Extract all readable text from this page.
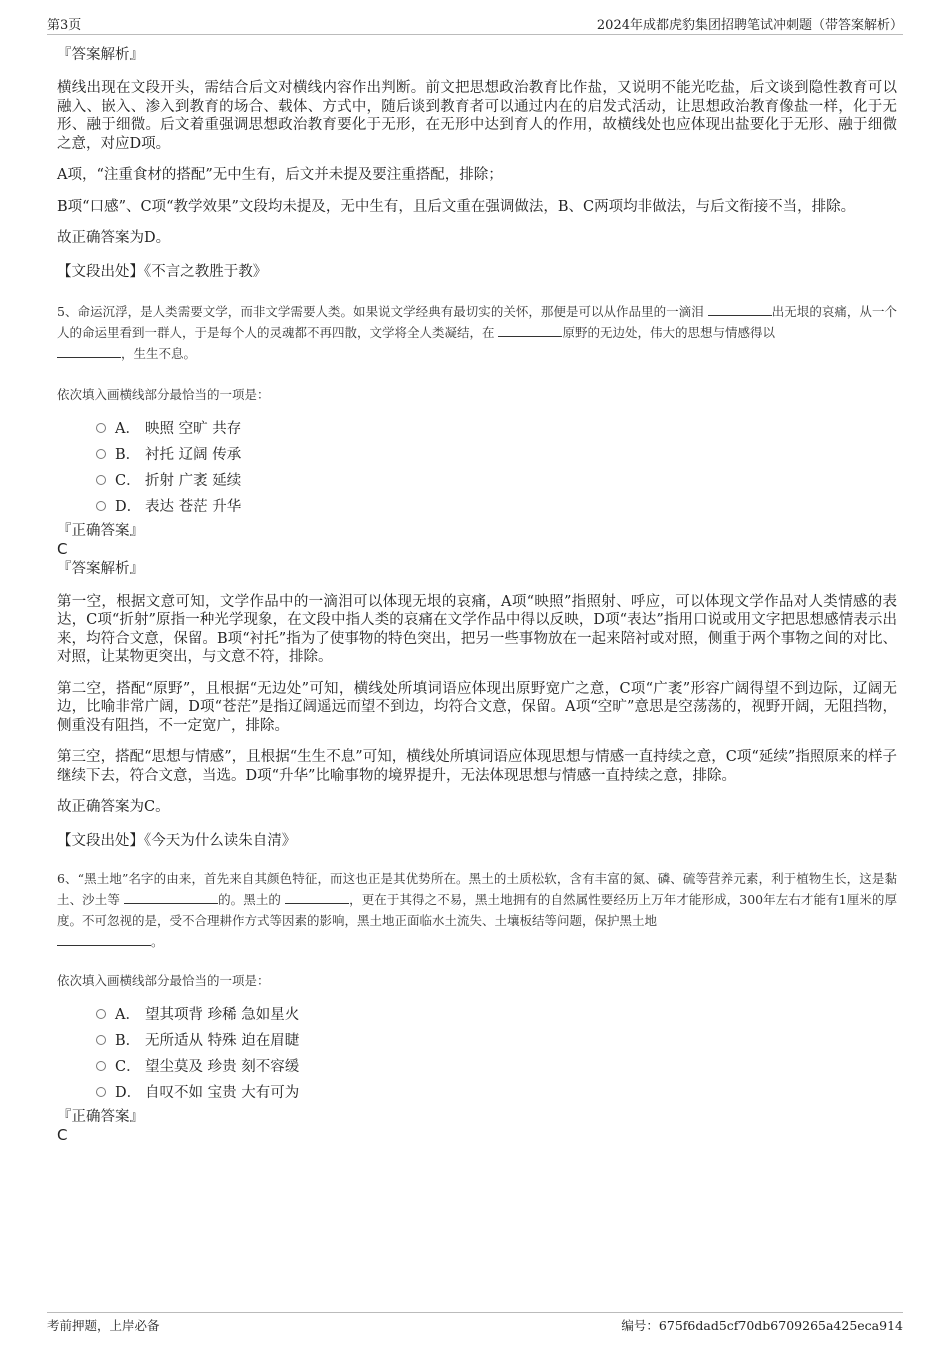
第3页	2024年成都虎豹集团招聘笔试冲刺题（带答案解析）

『答案解析』

横线出现在文段开头，需结合后文对横线内容作出判断。前文把思想政治教育比作盐，又说明不能光吃盐，后文谈到隐性教育可以融入、嵌入、渗入到教育的场合、载体、方式中，随后谈到教育者可以通过内在的启发式活动，让思想政治教育像盐一样，化于无形、融于细微。后文着重强调思想政治教育要化于无形，在无形中达到育人的作用，故横线处也应体现出盐要化于无形、融于细微之意，对应D项。

A项，“注重食材的搭配”无中生有，后文并未提及要注重搭配，排除；

B项“口感”、C项“教学效果”文段均未提及，无中生有，且后文重在强调做法，B、C两项均非做法，与后文衔接不当，排除。

故正确答案为D。

【文段出处】《不言之教胜于教》

5、命运沉浮，是人类需要文学，而非文学需要人类。如果说文学经典有最切实的关怀，那便是可以从作品里的一滴泪	出无垠的哀痛，从一个人的命运里看到一群人，于是每个人的灵魂都不再四散，文学将全人类凝结，在	原野的无边处，伟大的思想与情感得以
，生生不息。

依次填入画横线部分最恰当的一项是：

A． 映照 空旷 共存
B． 衬托 辽阔 传承
C． 折射 广袤 延续
D． 表达 苍茫 升华

『正确答案』

C

『答案解析』

第一空，根据文意可知，文学作品中的一滴泪可以体现无垠的哀痛，A项“映照”指照射、呼应，可以体现文学作品对人类情感的表达，C项“折射”原指一种光学现象，在文段中指人类的哀痛在文学作品中得以反映，D项“表达”指用口说或用文字把思想感情表示出来，均符合文意，保留。B项“衬托”指为了使事物的特色突出，把另一些事物放在一起来陪衬或对照，侧重于两个事物之间的对比、对照，让某物更突出，与文意不符，排除。

第二空，搭配“原野”，且根据“无边处”可知，横线处所填词语应体现出原野宽广之意，C项“广袤”形容广阔得望不到边际，辽阔无边，比喻非常广阔，D项“苍茫”是指辽阔遥远而望不到边，均符合文意，保留。A项“空旷”意思是空荡荡的，视野开阔，无阻挡物，侧重没有阻挡，不一定宽广，排除。

第三空，搭配“思想与情感”，且根据“生生不息”可知，横线处所填词语应体现思想与情感一直持续之意，C项“延续”指照原来的样子继续下去，符合文意，当选。D项“升华”比喻事物的境界提升，无法体现思想与情感一直持续之意，排除。

故正确答案为C。

【文段出处】《今天为什么读朱自清》

6、“黑土地”名字的由来，首先来自其颜色特征，而这也正是其优势所在。黑土的土质松软，含有丰富的氮、磷、硫等营养元素，利于植物生长，这是黏土、沙土等	的。黑土的	，更在于其得之不易，黑土地拥有的自然属性要经历上万年才能形成，300年左右才能有1厘米的厚度。不可忽视的是，受不合理耕作方式等因素的影响，黑土地正面临水土流失、土壤板结等问题，保护黑土地
。

依次填入画横线部分最恰当的一项是：

A． 望其项背 珍稀 急如星火
B． 无所适从 特殊 迫在眉睫
C． 望尘莫及 珍贵 刻不容缓
D． 自叹不如 宝贵 大有可为

『正确答案』

C

考前押题，上岸必备	编号：675f6dad5cf70db6709265a425eca914
